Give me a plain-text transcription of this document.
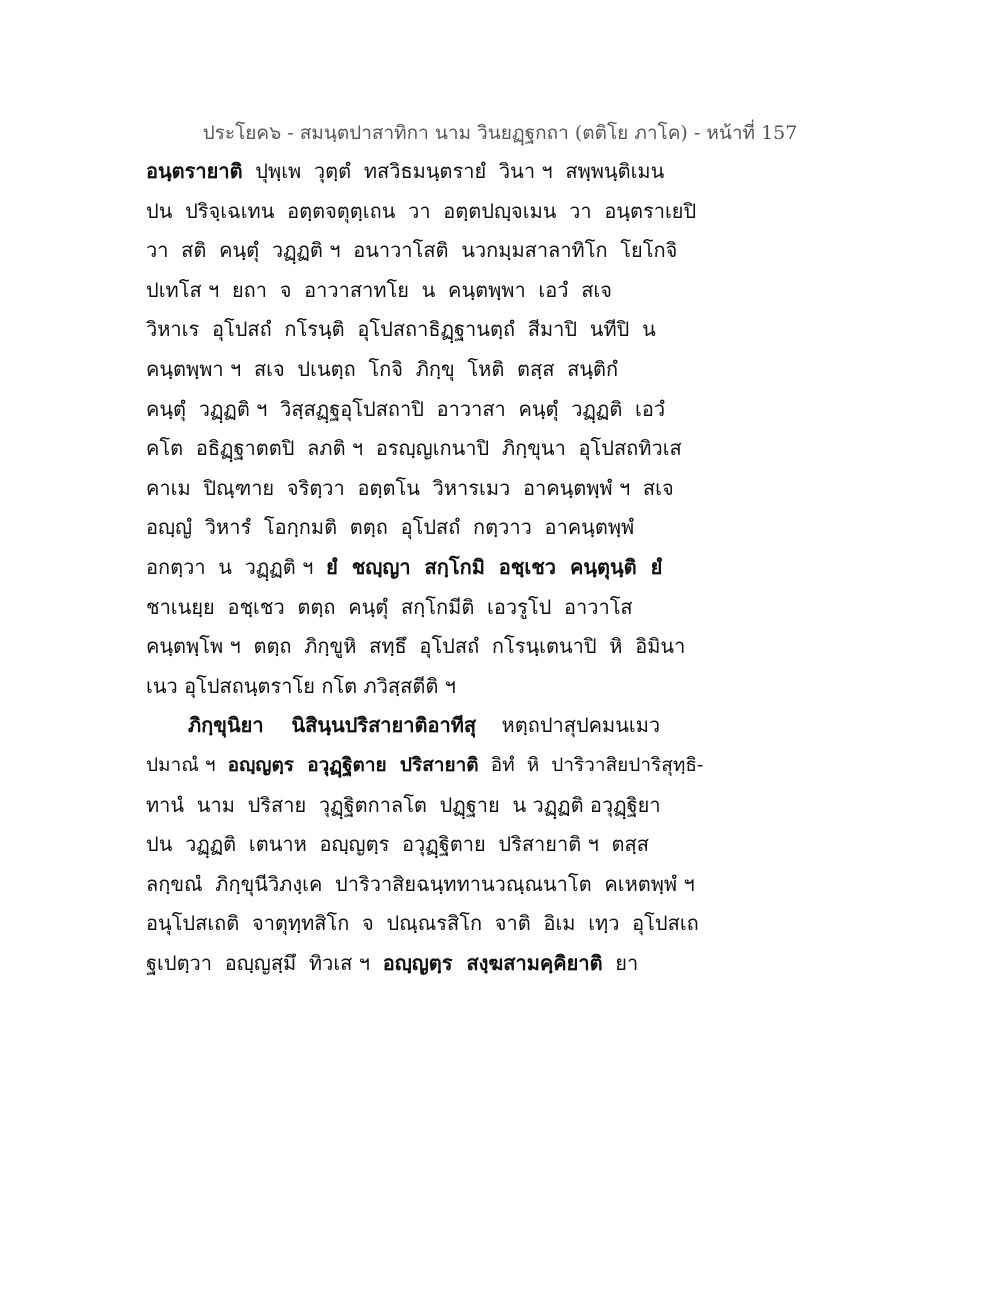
ประโยค๖ - สมนฺตปาสาทิกา นาม วินยฏฺฐกถา (ตติโย ภาโค) - หน้าที่ 157
อนฺตรายาติ  ปุพฺเพ  วุตฺตํ  ทสวิธมนฺตรายํ  วินา ฯ  สพฺพนฺติเมน
ปน  ปริจฺเฉเทน  อตฺตจตุตฺเถน  วา  อตฺตปญฺจเมน  วา  อนฺตราเยปิ
วา  สติ  คนฺตุํ  วฏฺฏติ ฯ  อนาวาโสติ  นวกมฺมสาลาทิโก  โยโกจิ
ปเทโส ฯ  ยถา  จ  อาวาสาทโย  น  คนฺตพฺพา  เอวํ  สเจ
วิหาเร  อุโปสถํ  กโรนฺติ  อุโปสถาธิฏฺฐานตฺถํ  สีมาปิ  นทีปิ  น
คนฺตพฺพา ฯ  สเจ  ปเนตฺถ  โกจิ  ภิกฺขุ  โหติ  ตสฺส  สนฺติกํ
คนฺตุํ  วฏฺฏติ ฯ  วิสฺสฏฺฐอุโปสถาปิ  อาวาสา  คนฺตุํ  วฏฺฏติ  เอวํ
คโต  อธิฏฺฐาตตปิ  ลภติ ฯ  อรญฺญเกนาปิ  ภิกฺขุนา  อุโปสถทิวเส
คาเม  ปิณฺฑาย  จริตฺวา  อตฺตโน  วิหารเมว  อาคนฺตพฺพํ ฯ  สเจ
อญฺญํ  วิหารํ  โอกฺกมติ  ตตฺถ  อุโปสถํ  กตฺวาว  อาคนฺตพฺพํ
อกตฺวา  น  วฏฺฏติ ฯ  ยํ  ชญฺญา  สกฺโกมิ  อชฺเชว  คนฺตุนฺติ  ยํ
ชาเนยฺย  อชฺเชว  ตตฺถ  คนฺตุํ  สกฺโกมีติ  เอวรูโป  อาวาโส
คนฺตพฺโพ ฯ  ตตฺถ  ภิกฺขูหิ  สทฺธึ  อุโปสถํ  กโรนฺเตนาปิ  หิ  อิมินา
เนว อุโปสถนฺตราโย กโต ภวิสฺสตีติ ฯ
ภิกฺขุนิยา    นิสินฺนปริสายาติอาทีสุ    หตฺถปาสุปคมนเมว
ปมาณํ ฯ  อญฺญตฺร  อวุฏฺฐิตาย  ปริสายาติ  อิทํ  หิ  ปาริวาสิยปาริสุทฺธิ-
ทานํ  นาม  ปริสาย  วุฏฺฐิตกาลโต  ปฏฺฐาย  น วฏฺฏติ อวุฏฺฐิยา
ปน  วฏฺฏติ  เตนาห  อญฺญตฺร  อวุฏฺฐิตาย  ปริสายาติ ฯ  ตสฺส
ลกฺขณํ  ภิกฺขุนีวิภงฺเค  ปาริวาสิยฉนฺททานวณฺณนาโต  คเหตพฺพํ ฯ
อนุโปสเถติ  จาตุทฺทสิโก  จ  ปณฺณรสิโก  จาติ  อิเม  เทฺว  อุโปสเถ
ฐเปตฺวา  อญฺญสฺมึ  ทิวเส ฯ  อญฺญตฺร  สงฺฆสามคฺคิยาติ  ยา
